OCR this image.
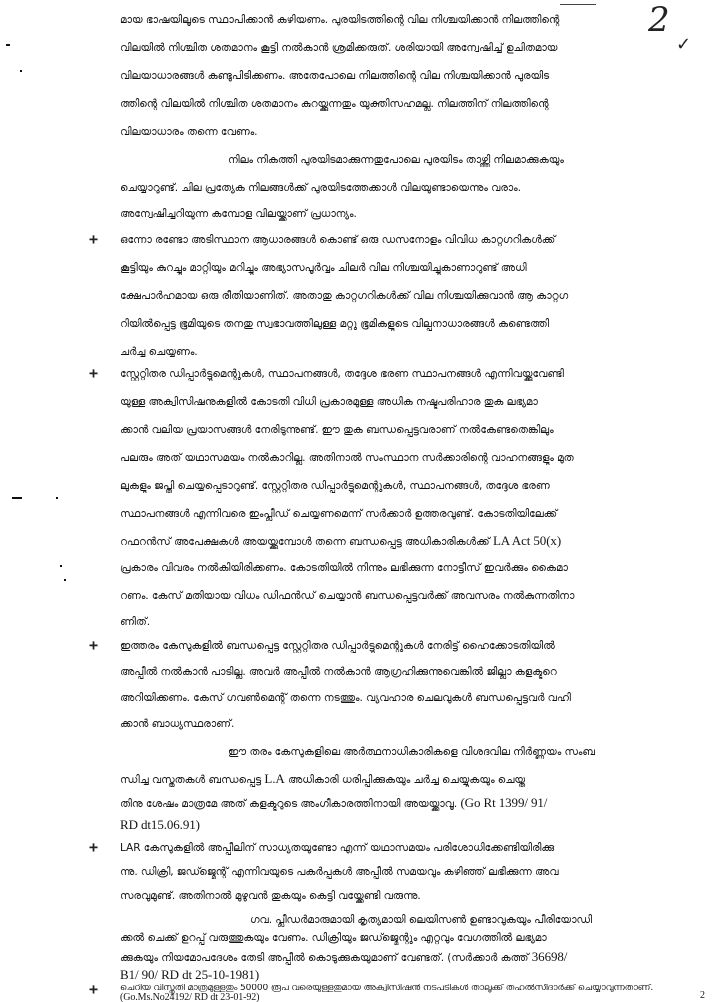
2
✓
മായ ഭാഷയിലൂടെ സ്ഥാപിക്കാൻ കഴിയണം. പുരയിടത്തിന്റെ വില നിശ്ചയിക്കാൻ നിലത്തിന്റെ
വിലയിൽ നിശ്ചിത ശതമാനം കൂട്ടി നൽകാൻ ശ്രമിക്കരുത്. ശരിയായി അന്വേഷിച്ച് ഉചിതമായ
വിലയാധാരങ്ങൾ കണ്ടുപിടിക്കണം. അതേപോലെ നിലത്തിന്റെ വില നിശ്ചയിക്കാൻ പുരയിട
ത്തിന്റെ വിലയിൽ നിശ്ചിത ശതമാനം കുറയ്ക്കുന്നതും യുക്തിസഹമല്ല. നിലത്തിന് നിലത്തിന്റെ
വിലയാധാരം തന്നെ വേണം.
നിലം നികത്തി പുരയിടമാക്കുന്നതുപോലെ പുരയിടം താഴ്ത്തി നിലമാക്കുകയും
ചെയ്യാറുണ്ട്. ചില പ്രത്യേക നിലങ്ങൾക്ക് പുരയിടത്തേക്കാൾ വിലയുണ്ടായെന്നും വരാം.
അന്വേഷിച്ചറിയുന്ന കമ്പോള വിലയ്ക്കാണ് പ്രധാന്യം.
+ ഒന്നോ രണ്ടോ അടിസ്ഥാന ആധാരങ്ങൾ കൊണ്ട് ഒരു ഡസനോളം വിവിധ കാറ്റഗറികൾക്ക്
കൂട്ടിയും കുറച്ചും മാറ്റിയും മറിച്ചും അഭ്യാസപൂർവ്വം ചിലർ വില നിശ്ചയിച്ചുകാണാറുണ്ട് അധി
ക്ഷേപാർഹമായ ഒരു രീതിയാണിത്. അതാതു കാറ്റഗറികൾക്ക് വില നിശ്ചയിക്കുവാൻ ആ കാറ്റഗ
റിയിൽപ്പെട്ട ഭൂമിയുടെ തനതു സ്വഭാവത്തിലുള്ള മറ്റു ഭൂമികളുടെ വില്പനാധാരങ്ങൾ കണ്ടെത്തി
ചർച്ച ചെയ്യണം.
+ സ്റ്റേറ്റിതര ഡിപ്പാർട്ടുമെന്റുകൾ, സ്ഥാപനങ്ങൾ, തദ്ദേശ ഭരണ സ്ഥാപനങ്ങൾ എന്നിവയ്ക്കുവേണ്ടി
യുള്ള അക്വിസിഷനുകളിൽ കോടതി വിധി പ്രകാരമുള്ള അധിക നഷ്ടപരിഹാര തുക ലഭ്യമാ
ക്കാൻ വലിയ പ്രയാസങ്ങൾ നേരിടുന്നുണ്ട്. ഈ തുക ബന്ധപ്പെട്ടവരാണ് നൽകേണ്ടതെങ്കിലും
പലരും അത് യഥാസമയം നൽകാറില്ല. അതിനാൽ സംസ്ഥാന സർക്കാരിന്റെ വാഹനങ്ങളും മുത
ലുകളും ജപ്തി ചെയ്യപ്പെടാറുണ്ട്. സ്റ്റേറ്റിതര ഡിപ്പാർട്ടുമെന്റുകൾ, സ്ഥാപനങ്ങൾ, തദ്ദേശ ഭരണ
സ്ഥാപനങ്ങൾ എന്നിവരെ ഇംപ്ലീഡ് ചെയ്യണമെന്ന് സർക്കാർ ഉത്തരവുണ്ട്. കോടതിയിലേക്ക്
റഫറൻസ് അപേക്ഷകൾ അയയ്ക്കുമ്പോൾ തന്നെ ബന്ധപ്പെട്ട അധികാരികൾക്ക് LA Act 50(x)
പ്രകാരം വിവരം നൽകിയിരിക്കണം. കോടതിയിൽ നിന്നും ലഭിക്കുന്ന നോട്ടീസ് ഇവർക്കും കൈമാ
റണം. കേസ് മതിയായ വിധം ഡിഫൻഡ് ചെയ്യാൻ ബന്ധപ്പെട്ടവർക്ക് അവസരം നൽകുന്നതിനാ
ണിത്.
+ ഇത്തരം കേസുകളിൽ ബന്ധപ്പെട്ട സ്റ്റേറ്റിതര ഡിപ്പാർട്ടുമെന്റുകൾ നേരിട്ട് ഹൈക്കോടതിയിൽ
അപ്പീൽ നൽകാൻ പാടില്ല. അവർ അപ്പീൽ നൽകാൻ ആഗ്രഹിക്കുന്നുവെങ്കിൽ ജില്ലാ കളക്ടറെ
അറിയിക്കണം. കേസ് ഗവൺമെന്റ് തന്നെ നടത്തും. വ്യവഹാര ചെലവുകൾ ബന്ധപ്പെട്ടവർ വഹി
ക്കാൻ ബാധ്യസ്ഥരാണ്.
ഈ തരം കേസുകളിലെ അർത്ഥനാധികാരികളെ വിശദവില നിർണ്ണയം സംബ
ന്ധിച്ച വസ്തുതകൾ ബന്ധപ്പെട്ട L.A അധികാരി ധരിപ്പിക്കുകയും ചർച്ച ചെയ്യുകയും ചെയ്ത
തിനു ശേഷം മാത്രമേ അത് കളക്ടറുടെ അംഗീകാരത്തിനായി അയയ്ക്കാവൂ. (Go Rt 1399/ 91/
RD dt15.06.91)
+ LAR കേസുകളിൽ അപ്പീലിന് സാധ്യതയുണ്ടോ എന്ന് യഥാസമയം പരിശോധിക്കേണ്ടിയിരിക്കു
ന്നു. ഡിക്രി, ജഡ്ജ്മെന്റ് എന്നിവയുടെ പകർപ്പുകൾ അപ്പീൽ സമയവും കഴിഞ്ഞ് ലഭിക്കുന്ന അവ
സരവുമുണ്ട്. അതിനാൽ മുഴുവൻ തുകയും കെട്ടി വയ്ക്കേണ്ടി വരുന്നു.
ഗവ. പ്ലീഡർമാരുമായി കൃത്യമായി ലെയിസൺ ഉണ്ടാവുകയും പീരിയോഡി
ക്കൽ ചെക്ക് ഉറപ്പ് വരുത്തുകയും വേണം. ഡിക്രിയും ജഡ്ജ്മെന്റും എറ്റവും വേഗത്തിൽ ലഭ്യമാ
ക്കുകയും നിയമോപദേശം തേടി അപ്പീൽ കൊടുക്കുകയുമാണ് വേണ്ടത്. (സർക്കാർ കത്ത് 36698/
B1/ 90/ RD dt 25-10-1981)
+ ചെറിയ വിസ്തൃതി മാത്രമുള്ളതും 50000 രൂപ വരെയുള്ളതുമായ അക്വിസിഷൻ നടപടികൾ താലൂക്ക് തഹൽസീദാർക്ക് ചെയ്യാവുന്നതാണ്. (Go.Ms.No24192/ RD dt 23-01-92)	2
